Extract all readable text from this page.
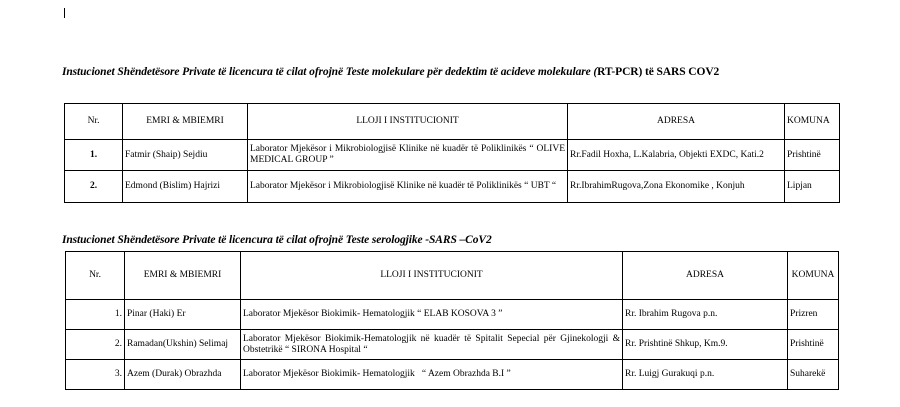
Instucionet Shëndetësore Private të licencura të cilat ofrojnë Teste molekulare për dedektim të acideve molekulare (RT-PCR) të SARS COV2
Nr.	EMRI & MBIEMRI	LLOJI I INSTITUCIONIT	ADRESA	KOMUNA
1.	Fatmir (Shaip) Sejdiu	Laborator Mjekësor i Mikrobiologjisë Klinike në kuadër të Poliklinikës “ OLIVE MEDICAL GROUP ”	Rr.Fadil Hoxha, L.Kalabria, Objekti EXDC, Kati.2	Prishtinë
2.	Edmond (Bislim) Hajrizi	Laborator Mjekësor i Mikrobiologjisë Klinike në kuadër të Poliklinikës “ UBT “	Rr.IbrahimRugova,Zona Ekonomike , Konjuh	Lipjan
Instucionet Shëndetësore Private të licencura të cilat ofrojnë Teste serologjike -SARS –CoV2
Nr.	EMRI & MBIEMRI	LLOJI I INSTITUCIONIT	ADRESA	KOMUNA
1.	Pinar (Haki) Er	Laborator Mjekësor Biokimik- Hematologjik “ ELAB KOSOVA 3 ”	Rr. Ibrahim Rugova p.n.	Prizren
2.	Ramadan(Ukshin) Selimaj	Laborator Mjekësor Biokimik-Hematologjik në kuadër të Spitalit Sepecial për Gjinekologji & Obstetrikë “ SIRONA Hospital “	Rr. Prishtinë Shkup, Km.9.	Prishtinë
3.	Azem (Durak) Obrazhda	Laborator Mjekësor Biokimik- Hematologjik   “ Azem Obrazhda B.I ”	Rr. Luigj Gurakuqi p.n.	Suharekë
